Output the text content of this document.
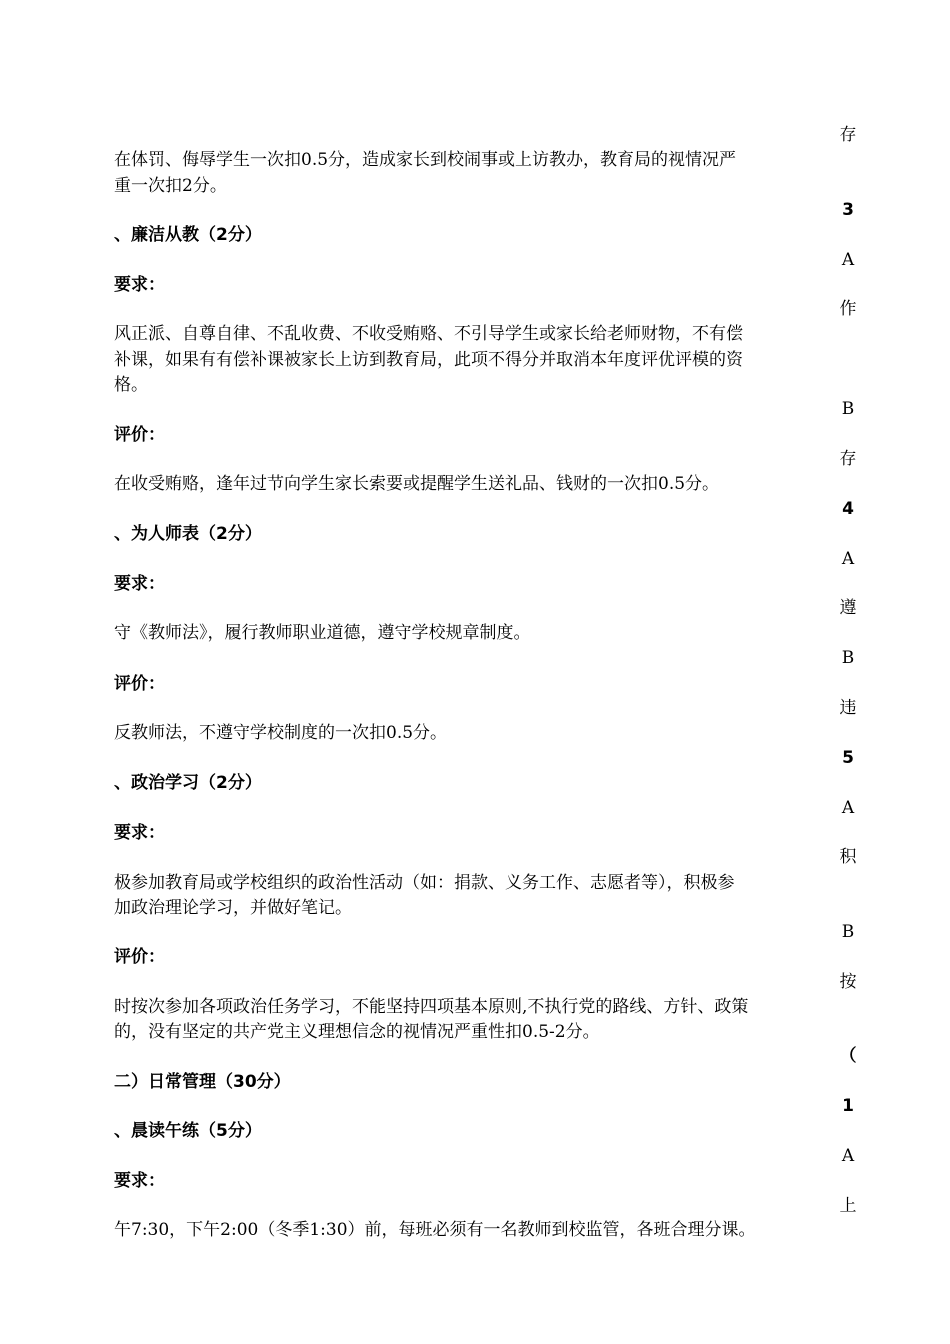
存
3
A
作
B
存
4
A
遵
B
违
5
A
积
B
按
（
1
A
上
在体罚、侮辱学生一次扣0.5分，造成家长到校闹事或上访教办，教育局的视情况严
重一次扣2分。
、廉洁从教（2分）
要求：
风正派、自尊自律、不乱收费、不收受贿赂、不引导学生或家长给老师财物，不有偿
补课，如果有有偿补课被家长上访到教育局，此项不得分并取消本年度评优评模的资
格。
评价：
在收受贿赂，逢年过节向学生家长索要或提醒学生送礼品、钱财的一次扣0.5分。
、为人师表（2分）
要求：
守《教师法》，履行教师职业道德，遵守学校规章制度。
评价：
反教师法，不遵守学校制度的一次扣0.5分。
、政治学习（2分）
要求：
极参加教育局或学校组织的政治性活动（如：捐款、义务工作、志愿者等），积极参
加政治理论学习，并做好笔记。
评价：
时按次参加各项政治任务学习，不能坚持四项基本原则,不执行党的路线、方针、政策
的，没有坚定的共产党主义理想信念的视情况严重性扣0.5-2分。
二）日常管理（30分）
、晨读午练（5分）
要求：
午7:30，下午2:00（冬季1:30）前，每班必须有一名教师到校监管，各班合理分课。
